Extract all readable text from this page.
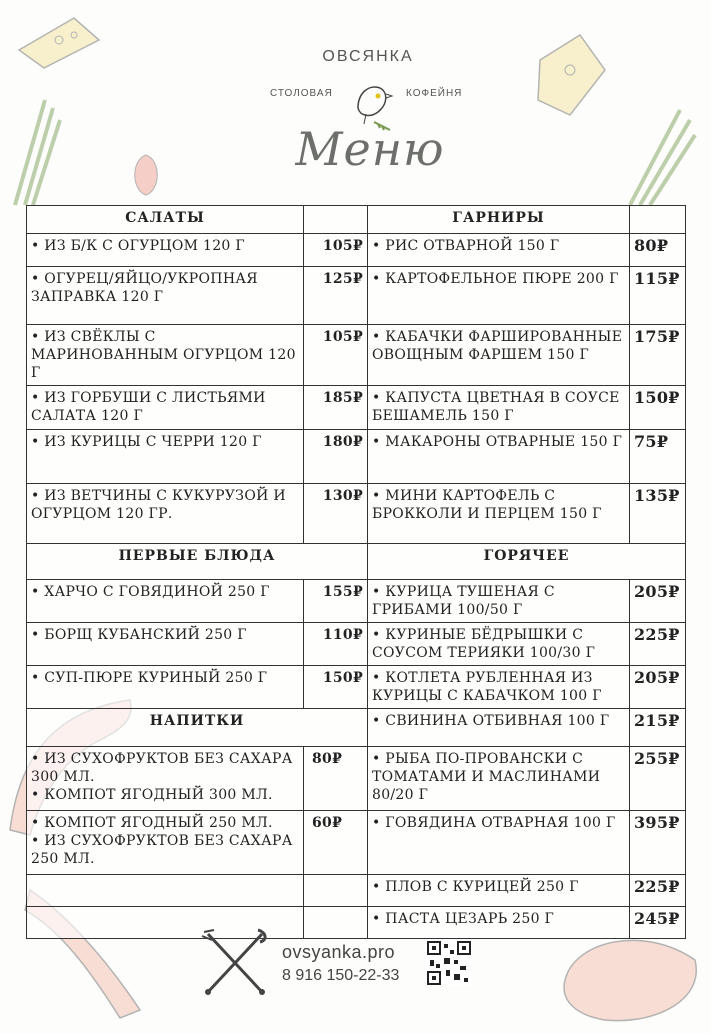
ОВСЯНКА
СТОЛОВАЯ	КОФЕЙНЯ
Меню
САЛАТЫ		ГАРНИРЫ	
• ИЗ Б/К С ОГУРЦОМ 120 Г	105₽	• РИС ОТВАРНОЙ 150 Г	80₽
• ОГУРЕЦ/ЯЙЦО/УКРОПНАЯ ЗАПРАВКА 120 Г	125₽	• КАРТОФЕЛЬНОЕ ПЮРЕ 200 Г	115₽
• ИЗ СВЁКЛЫ С МАРИНОВАННЫМ ОГУРЦОМ 120 Г	105₽	• КАБАЧКИ ФАРШИРОВАННЫЕ ОВОЩНЫМ ФАРШЕМ 150 Г	175₽
• ИЗ ГОРБУШИ С ЛИСТЬЯМИ САЛАТА 120 Г	185₽	• КАПУСТА ЦВЕТНАЯ В СОУСЕ БЕШАМЕЛЬ 150 Г	150₽
• ИЗ КУРИЦЫ С ЧЕРРИ 120 Г	180₽	• МАКАРОНЫ ОТВАРНЫЕ 150 Г	75₽
• ИЗ ВЕТЧИНЫ С КУКУРУЗОЙ И ОГУРЦОМ 120 ГР.	130₽	• МИНИ КАРТОФЕЛЬ С БРОККОЛИ И ПЕРЦЕМ 150 Г	135₽
ПЕРВЫЕ БЛЮДА		ГОРЯЧЕЕ	
• ХАРЧО С ГОВЯДИНОЙ 250 Г	155₽	• КУРИЦА ТУШЕНАЯ С ГРИБАМИ 100/50 Г	205₽
• БОРЩ КУБАНСКИЙ 250 Г	110₽	• КУРИНЫЕ БЁДРЫШКИ С СОУСОМ ТЕРИЯКИ 100/30 Г	225₽
• СУП-ПЮРЕ КУРИНЫЙ 250 Г	150₽	• КОТЛЕТА РУБЛЕННАЯ ИЗ КУРИЦЫ С КАБАЧКОМ 100 Г	205₽
НАПИТКИ		• СВИНИНА ОТБИВНАЯ 100 Г	215₽

• ИЗ СУХОФРУКТОВ БЕЗ САХАРА 300 МЛ.
• КОМПОТ ЯГОДНЫЙ 300 МЛ.	80₽	• РЫБА ПО-ПРОВАНСКИ С ТОМАТАМИ И МАСЛИНАМИ 80/20 Г	255₽

• КОМПОТ ЯГОДНЫЙ 250 МЛ.
• ИЗ СУХОФРУКТОВ БЕЗ САХАРА 250 МЛ.	60₽	• ГОВЯДИНА ОТВАРНАЯ 100 Г	395₽
		• ПЛОВ С КУРИЦЕЙ 250 Г	225₽
		• ПАСТА ЦЕЗАРЬ 250 Г	245₽
ovsyanka.pro
8 916 150-22-33
